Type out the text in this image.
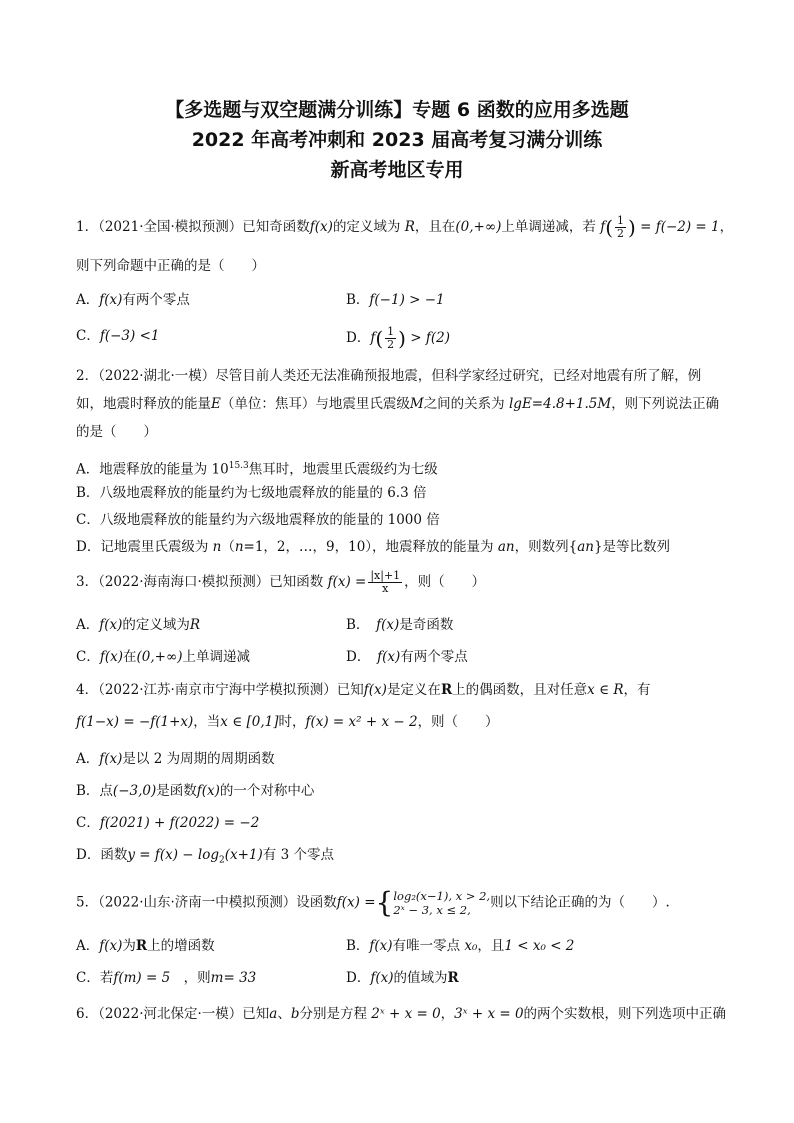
【多选题与双空题满分训练】专题 6 函数的应用多选题
2022 年高考冲刺和 2023 届高考复习满分训练
新高考地区专用
1．（2021·全国·模拟预测）已知奇函数f(x)的定义域为 R，且在(0,+∞)上单调递减，若 $f( \frac{1}{2}$ ) = f(−2) = 1，
则下列命题中正确的是（　　）
A．f(x)有两个零点	B．f(−1) > −1
C．f(−3) <1	D．$f( \frac{1}{2}$ ) > f(2)
2．（2022·湖北·一模）尽管目前人类还无法准确预报地震，但科学家经过研究，已经对地震有所了解，例
如，地震时释放的能量E（单位：焦耳）与地震里氏震级M之间的关系为 lgE=4.8+1.5M，则下列说法正确
的是（　　）
A．地震释放的能量为 $10^{15.3}$焦耳时，地震里氏震级约为七级
B．八级地震释放的能量约为七级地震释放的能量的 6.3 倍
C．八级地震释放的能量约为六级地震释放的能量的 1000 倍
D．记地震里氏震级为 n（n=1，2，…，9，10），地震释放的能量为 an，则数列{an}是等比数列
3．（2022·海南海口·模拟预测）已知函数 $f(x) = \frac{|x|+1}{x}$ ，则（　　）
A．f(x)的定义域为R	B．　 f(x)是奇函数
C．f(x)在(0,+∞)上单调递减	D．　 f(x)有两个零点
4．（2022·江苏·南京市宁海中学模拟预测）已知f(x)是定义在R上的偶函数，且对任意x ∈ R，有
f(1−x) = −f(1+x)，当x ∈ [0,1]时，f(x) = x² + x − 2，则（　　）
A．f(x)是以 2 为周期的周期函数
B．点(−3,0)是函数f(x)的一个对称中心
C．f(2021) + f(2022) = −2
D．函数$y = f(x) - \log_2(x+1)$有 3 个零点
5．（2022·山东·济南一中模拟预测）设函数f(x) ={ log₂(x−1), x > 2,
2ˣ − 3, x ≤ 2,	则以下结论正确的为（　　）.
A．f(x)为R上的增函数	B．f(x)有唯一零点 x₀，且1 < x₀ < 2
C．若f(m) = 5　 ，则m= 33	D．f(x)的值域为R
6．（2022·河北保定·一模）已知a、b分别是方程 2ˣ + x = 0，3ˣ + x = 0的两个实数根，则下列选项中正确
